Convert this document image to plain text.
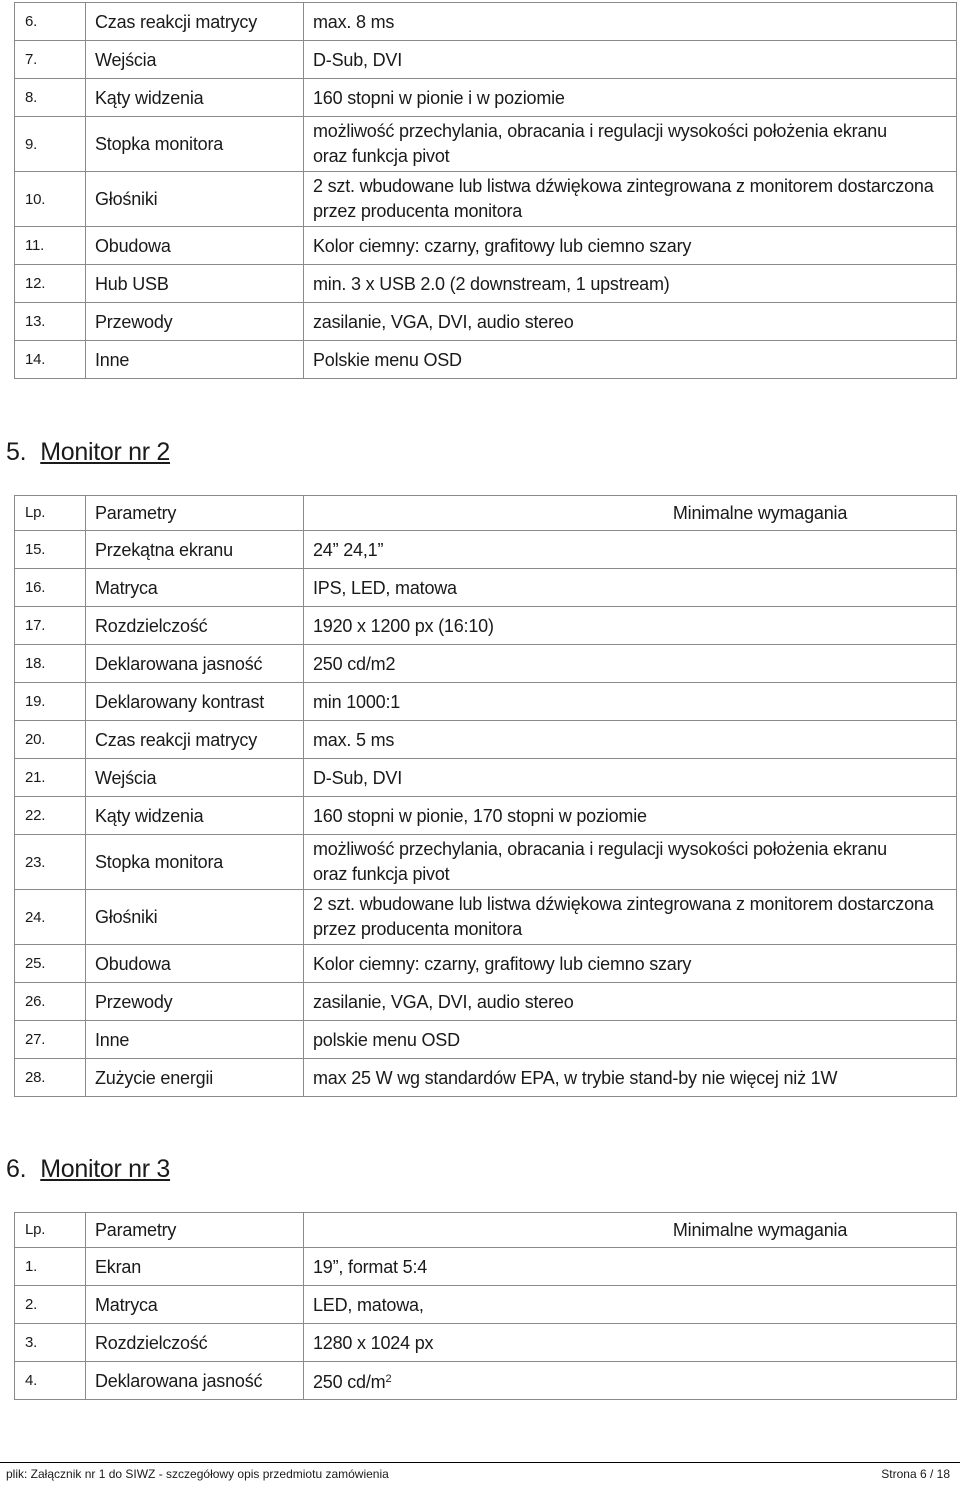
6.	Czas reakcji matrycy	max. 8 ms
7.	Wejścia	D-Sub, DVI
8.	Kąty widzenia	160 stopni w pionie i w poziomie
9.	Stopka monitora	możliwość przechylania, obracania i regulacji wysokości położenia ekranu
oraz funkcja pivot

10.	Głośniki	2 szt. wbudowane lub listwa dźwiękowa zintegrowana z monitorem dostarczona
przez producenta monitora

11.	Obudowa	Kolor ciemny: czarny, grafitowy lub ciemno szary
12.	Hub USB	min. 3 x USB 2.0 (2 downstream, 1 upstream)
13.	Przewody	zasilanie, VGA, DVI, audio stereo
14.	Inne	Polskie menu OSD
5. Monitor nr 2
Lp.	Parametry	Minimalne wymagania
15.	Przekątna ekranu	24” 24,1”
16.	Matryca	IPS, LED, matowa
17.	Rozdzielczość	1920 x 1200 px (16:10)
18.	Deklarowana jasność	250 cd/m2
19.	Deklarowany kontrast	min 1000:1
20.	Czas reakcji matrycy	max. 5 ms
21.	Wejścia	D-Sub, DVI
22.	Kąty widzenia	160 stopni w pionie, 170 stopni w poziomie
23.	Stopka monitora	możliwość przechylania, obracania i regulacji wysokości położenia ekranu
oraz funkcja pivot

24.	Głośniki	2 szt. wbudowane lub listwa dźwiękowa zintegrowana z monitorem dostarczona
przez producenta monitora

25.	Obudowa	Kolor ciemny: czarny, grafitowy lub ciemno szary
26.	Przewody	zasilanie, VGA, DVI, audio stereo
27.	Inne	polskie menu OSD
28.	Zużycie energii	max 25 W wg standardów EPA, w trybie stand-by nie więcej niż 1W
6. Monitor nr 3
Lp.	Parametry	Minimalne wymagania
1.	Ekran	19”, format 5:4
2.	Matryca	LED, matowa,
3.	Rozdzielczość	1280 x 1024 px
4.	Deklarowana jasność	250 $cd/m^2$
plik: Załącznik nr 1 do SIWZ - szczegółowy opis przedmiotu zamówienia	Strona 6 / 18
